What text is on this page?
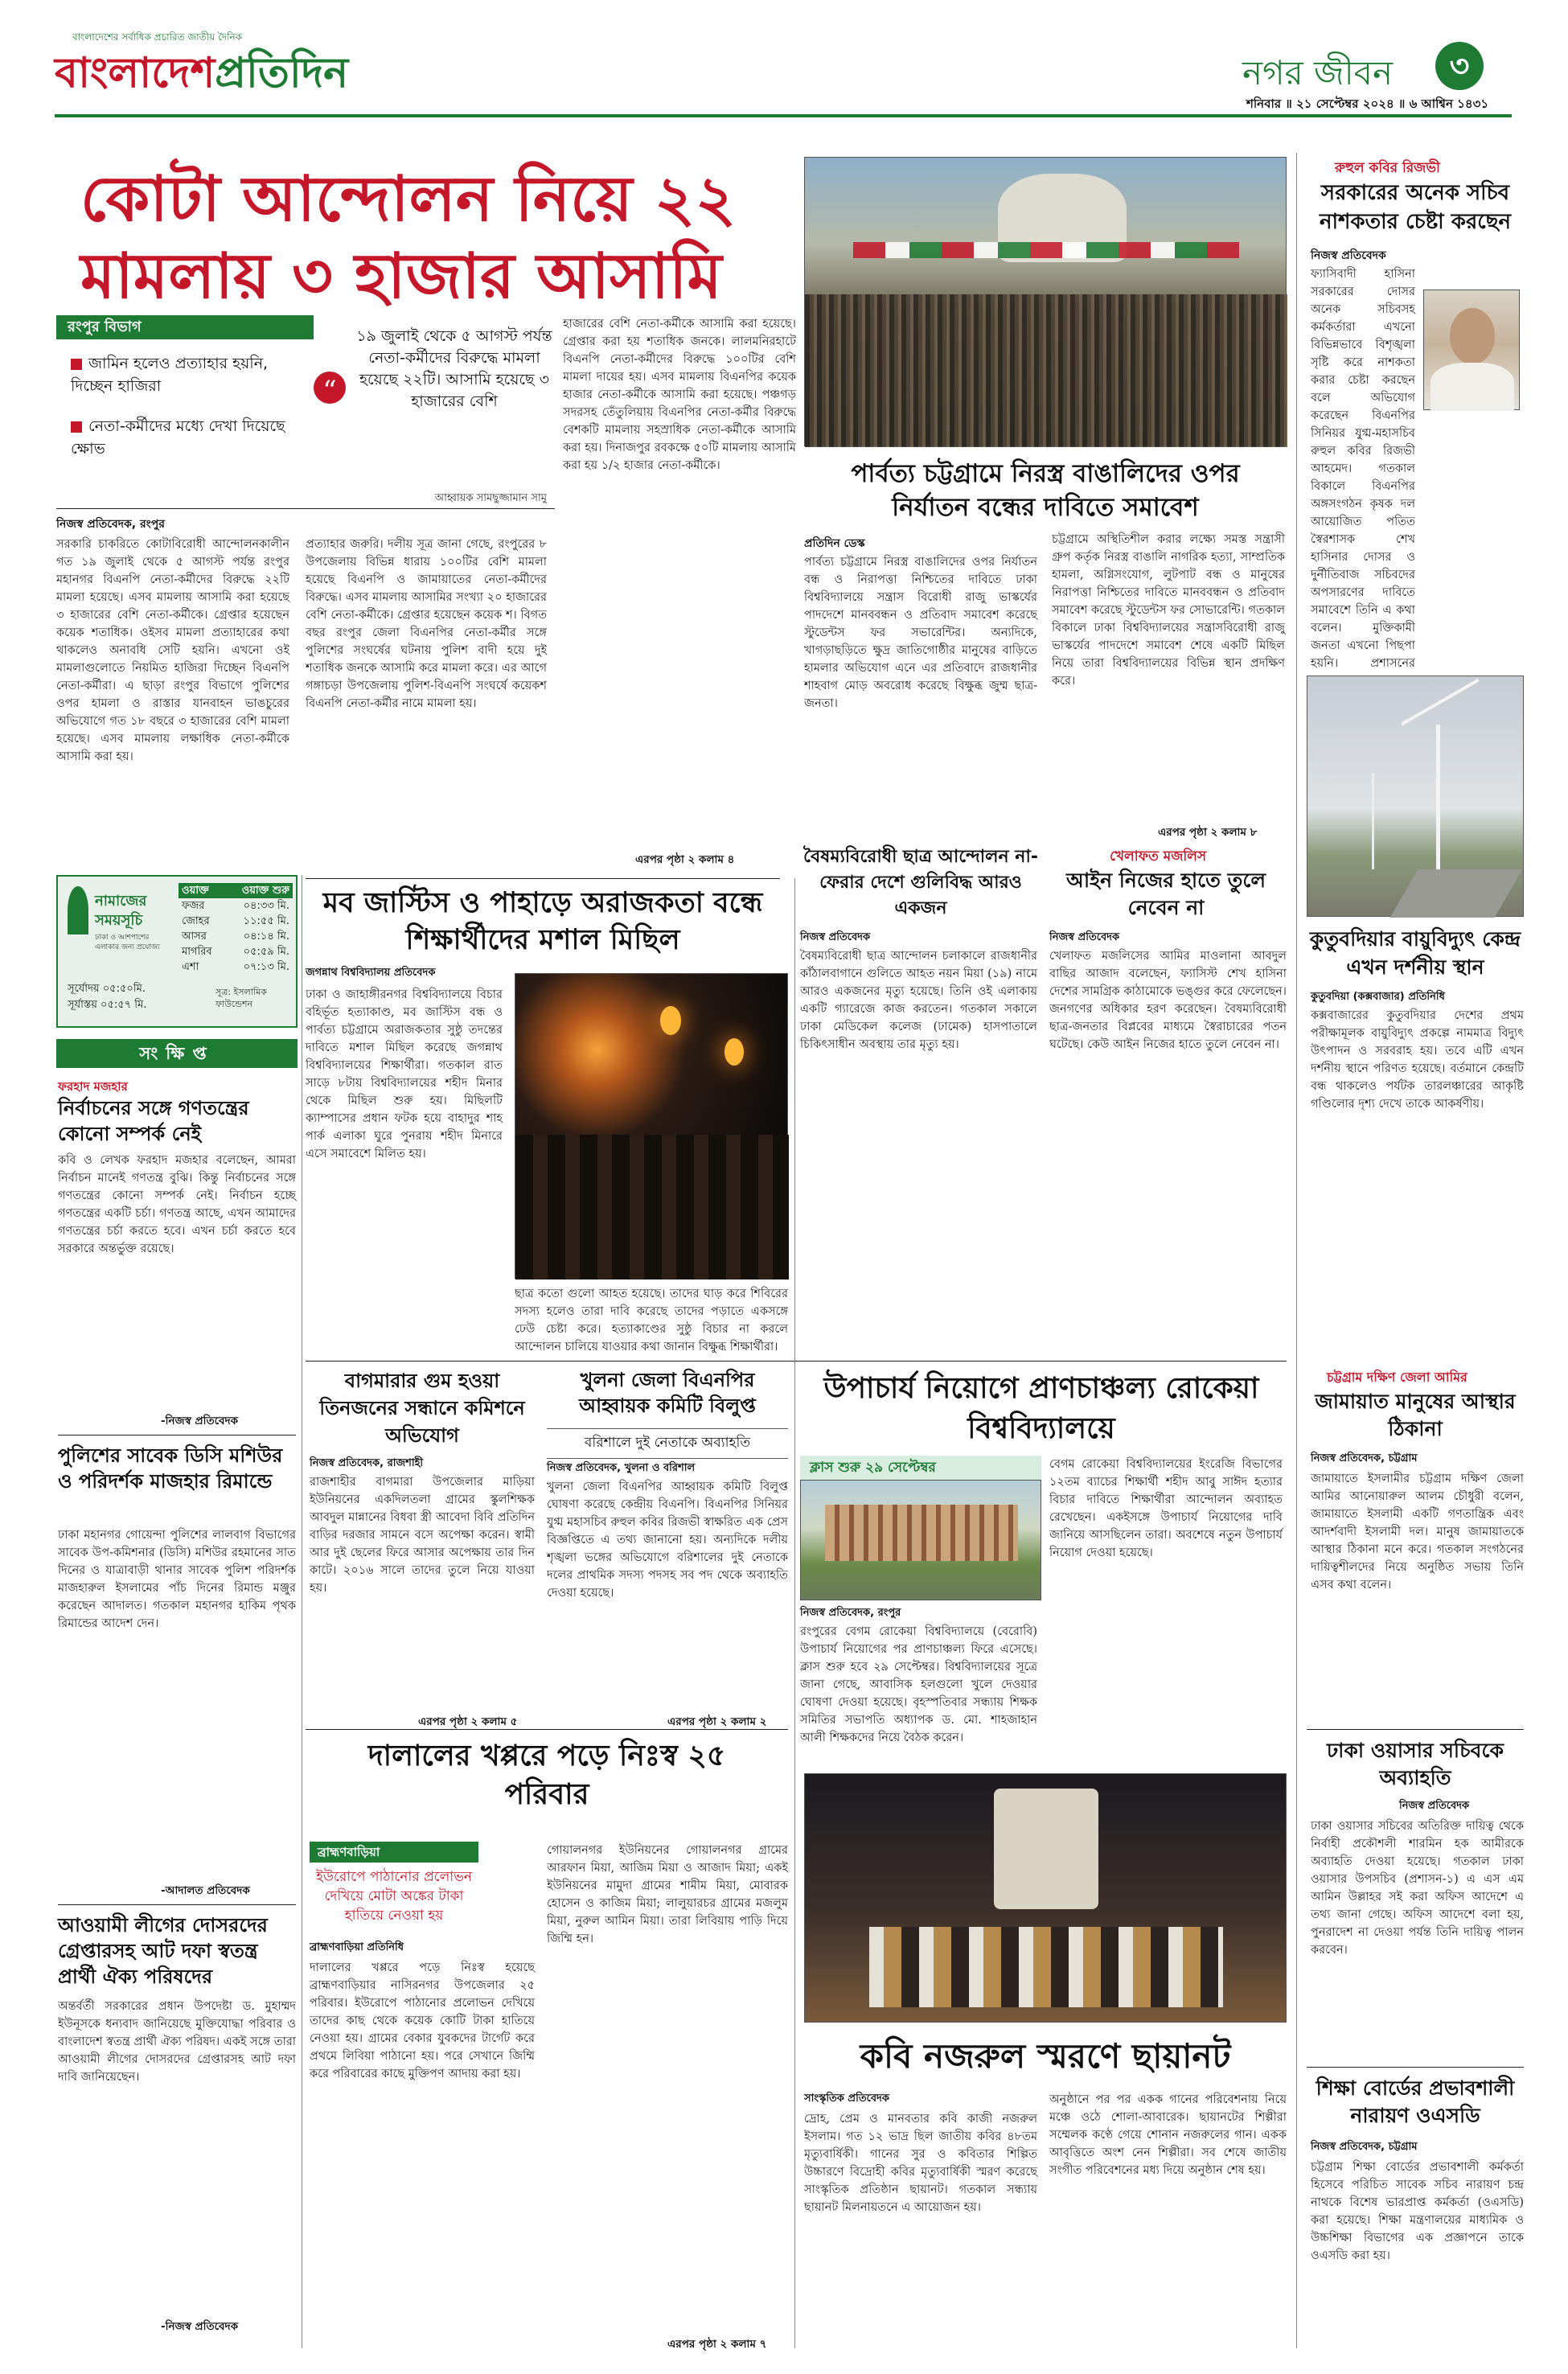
বাংলাদেশের সর্বাধিক প্রচারিত জাতীয় দৈনিক
বাংলাদেশপ্রতিদিন	নগর জীবন	৩
শনিবার ॥ ২১ সেপ্টেম্বর ২০২৪ ॥ ৬ আশ্বিন ১৪৩১
কোটা আন্দোলন নিয়ে ২২
মামলায় ৩ হাজার আসামি
রংপুর বিভাগ
জামিন হলেও প্রত্যাহার হয়নি, দিচ্ছেন হাজিরা
নেতা-কর্মীদের মধ্যে দেখা দিয়েছে ক্ষোভ
“
১৯ জুলাই থেকে ৫ আগস্ট পর্যন্ত নেতা-কর্মীদের বিরুদ্ধে মামলা হয়েছে ২২টি। আসামি হয়েছে ৩ হাজারের বেশি
আহ্বায়ক সামছুজ্জামান সামু
নিজস্ব প্রতিবেদক, রংপুর
সরকারি চাকরিতে কোটাবিরোধী আন্দোলনকালীন গত ১৯ জুলাই থেকে ৫ আগস্ট পর্যন্ত রংপুর মহানগর বিএনপি নেতা-কর্মীদের বিরুদ্ধে ২২টি মামলা হয়েছে। এসব মামলায় আসামি করা হয়েছে ৩ হাজারের বেশি নেতা-কর্মীকে। গ্রেপ্তার হয়েছেন কয়েক শতাধিক। ওইসব মামলা প্রত্যাহারের কথা থাকলেও অনাবধি সেটি হয়নি। এখনো ওই মামলাগুলোতে নিয়মিত হাজিরা দিচ্ছেন বিএনপি নেতা-কর্মীরা। এ ছাড়া রংপুর বিভাগে পুলিশের ওপর হামলা ও রাস্তার যানবাহন ভাঙচুরের অভিযোগে গত ১৮ বছরে ৩ হাজারের বেশি মামলা হয়েছে। এসব মামলায় লক্ষাধিক নেতা-কর্মীকে আসামি করা হয়।
প্রত্যাহার জরুরি। দলীয় সূত্র জানা গেছে, রংপুরের ৮ উপজেলায় বিভিন্ন ধারায় ১০০টির বেশি মামলা হয়েছে বিএনপি ও জামায়াতের নেতা-কর্মীদের বিরুদ্ধে। এসব মামলায় আসামির সংখ্যা ২০ হাজারের বেশি নেতা-কর্মীকে। গ্রেপ্তার হয়েছেন কয়েক শ। বিগত বছর রংপুর জেলা বিএনপির নেতা-কর্মীর সঙ্গে পুলিশের সংঘর্ষের ঘটনায় পুলিশ বাদী হয়ে দুই শতাধিক জনকে আসামি করে মামলা করে। এর আগে গঙ্গাচড়া উপজেলায় পুলিশ-বিএনপি সংঘর্ষে কয়েকশ বিএনপি নেতা-কর্মীর নামে মামলা হয়।
হাজারের বেশি নেতা-কর্মীকে আসামি করা হয়েছে। গ্রেপ্তার করা হয় শতাধিক জনকে। লালমনিরহাটে বিএনপি নেতা-কর্মীদের বিরুদ্ধে ১০০টির বেশি মামলা দায়ের হয়। এসব মামলায় বিএনপির কয়েক হাজার নেতা-কর্মীকে আসামি করা হয়েছে। পঞ্চগড় সদরসহ তেঁতুলিয়ায় বিএনপির নেতা-কর্মীর বিরুদ্ধে বেশকটি মামলায় সহস্রাধিক নেতা-কর্মীকে আসামি করা হয়। দিনাজপুর রবকক্ষে ৫০টি মামলায় আসামি করা হয় ১/২ হাজার নেতা-কর্মীকে।
এরপর পৃষ্ঠা ২ কলাম ৪
পার্বত্য চট্টগ্রামে নিরস্ত্র বাঙালিদের ওপর নির্যাতন বন্ধের দাবিতে সমাবেশ
প্রতিদিন ডেস্ক
পার্বত্য চট্টগ্রামে নিরস্ত্র বাঙালিদের ওপর নির্যাতন বন্ধ ও নিরাপত্তা নিশ্চিতের দাবিতে ঢাকা বিশ্ববিদ্যালয়ে সন্ত্রাস বিরোধী রাজু ভাস্কর্যের পাদদেশে মানববন্ধন ও প্রতিবাদ সমাবেশ করেছে স্টুডেন্টস ফর সভারেন্টির। অন্যদিকে, খাগড়াছড়িতে ক্ষুদ্র জাতিগোষ্ঠীর মানুষের বাড়িতে হামলার অভিযোগ এনে এর প্রতিবাদে রাজধানীর শাহবাগ মোড় অবরোধ করেছে বিক্ষুব্ধ জুম্ম ছাত্র-জনতা।
চট্টগ্রামে অস্থিতিশীল করার লক্ষ্যে সমস্ত সন্ত্রাসী গ্রুপ কর্তৃক নিরস্ত্র বাঙালি নাগরিক হত্যা, সাম্প্রতিক হামলা, অগ্নিসংযোগ, লুটপাট বন্ধ ও মানুষের নিরাপত্তা নিশ্চিতের দাবিতে মানববন্ধন ও প্রতিবাদ সমাবেশ করেছে স্টুডেন্টস ফর সোভারেন্টি। গতকাল বিকালে ঢাকা বিশ্ববিদ্যালয়ের সন্ত্রাসবিরোধী রাজু ভাস্কর্যের পাদদেশে সমাবেশ শেষে একটি মিছিল নিয়ে তারা বিশ্ববিদ্যালয়ের বিভিন্ন স্থান প্রদক্ষিণ করে।
এরপর পৃষ্ঠা ২ কলাম ৮
রুহুল কবির রিজভী
সরকারের অনেক সচিব নাশকতার চেষ্টা করছেন
নিজস্ব প্রতিবেদক
ফ্যাসিবাদী হাসিনা সরকারের দোসর অনেক সচিবসহ কর্মকর্তারা এখনো বিভিন্নভাবে বিশৃঙ্খলা সৃষ্টি করে নাশকতা করার চেষ্টা করছেন বলে অভিযোগ করেছেন বিএনপির সিনিয়র যুগ্ম-মহাসচিব রুহুল কবির রিজভী আহমেদ। গতকাল বিকালে বিএনপির অঙ্গসংগঠন কৃষক দল আয়োজিত পতিত স্বৈরশাসক শেখ হাসিনার দোসর ও দুর্নীতিবাজ সচিবদের অপসারণের দাবিতে সমাবেশে তিনি এ কথা বলেন। মুক্তিকামী জনতা এখনো পিছপা হয়নি। প্রশাসনের
কুতুবদিয়ার বায়ুবিদ্যুৎ কেন্দ্র এখন দর্শনীয় স্থান
কুতুবদিয়া (কক্সবাজার) প্রতিনিধি
কক্সবাজারের কুতুবদিয়ার দেশের প্রথম পরীক্ষামূলক বায়ুবিদ্যুৎ প্রকল্পে নামমাত্র বিদ্যুৎ উৎপাদন ও সরবরাহ হয়। তবে এটি এখন দর্শনীয় স্থানে পরিণত হয়েছে। বর্তমানে কেন্দ্রটি বন্ধ থাকলেও পর্যটক তারলঞ্চারের আকৃষ্টি গণ্ডিলোর দৃশ্য দেখে তাকে আকর্ষণীয়।
মব জাস্টিস ও পাহাড়ে অরাজকতা বন্ধে শিক্ষার্থীদের মশাল মিছিল
জগন্নাথ বিশ্ববিদ্যালয় প্রতিবেদক
ঢাকা ও জাহাঙ্গীরনগর বিশ্ববিদ্যালয়ে বিচার বহির্ভূত হত্যাকাণ্ড, মব জাস্টিস বন্ধ ও পার্বত্য চট্টগ্রামে অরাজকতার সুষ্ঠু তদন্তের দাবিতে মশাল মিছিল করেছে জগন্নাথ বিশ্ববিদ্যালয়ের শিক্ষার্থীরা। গতকাল রাত সাড়ে ৮টায় বিশ্ববিদ্যালয়ের শহীদ মিনার থেকে মিছিল শুরু হয়। মিছিলটি ক্যাম্পাসের প্রধান ফটক হয়ে বাহাদুর শাহ পার্ক এলাকা ঘুরে পুনরায় শহীদ মিনারে এসে সমাবেশে মিলিত হয়।
ছাত্র কতো গুলো আহত হয়েছে। তাদের ঘাড় করে শিবিরের সদস্য হলেও তারা দাবি করেছে তাদের পড়াতে একসঙ্গে ঢেউ চেষ্টা করে। হত্যাকাণ্ডের সুষ্ঠু বিচার না করলে আন্দোলন চালিয়ে যাওয়ার কথা জানান বিক্ষুব্ধ শিক্ষার্থীরা।
নামাজের
সময়সূচি
ঢাকা ও আশপাশের এলাকার জন্য প্রযোজ্য
ওয়াক্ত	ওয়াক্ত শুরু
ফজর	০৪:৩৩ মি.
জোহর	১১:৫৫ মি.
আসর	০৪:১৪ মি.
মাগরিব	০৫:৫৯ মি.
এশা	০৭:১৩ মি.
সূর্যোদয় ০৫:৫০মি.
সূর্যাস্তয় ০৫:৫৭ মি.
সূত্র: ইসলামিক ফাউন্ডেশন
সংক্ষিপ্ত
ফরহাদ মজহার
নির্বাচনের সঙ্গে গণতন্ত্রের কোনো সম্পর্ক নেই
কবি ও লেখক ফরহাদ মজহার বলেছেন, আমরা নির্বাচন মানেই গণতন্ত্র বুঝি। কিন্তু নির্বাচনের সঙ্গে গণতন্ত্রের কোনো সম্পর্ক নেই। নির্বাচন হচ্ছে গণতন্ত্রের একটি চর্চা। গণতন্ত্র আছে, এখন আমাদের গণতন্ত্রের চর্চা করতে হবে। এখন চর্চা করতে হবে সরকারে অন্তর্ভুক্ত রয়েছে।
-নিজস্ব প্রতিবেদক
পুলিশের সাবেক ডিসি মশিউর ও পরিদর্শক মাজহার রিমান্ডে
ঢাকা মহানগর গোয়েন্দা পুলিশের লালবাগ বিভাগের সাবেক উপ-কমিশনার (ডিসি) মশিউর রহমানের সাত দিনের ও যাত্রাবাড়ী থানার সাবেক পুলিশ পরিদর্শক মাজহারুল ইসলামের পাঁচ দিনের রিমান্ড মঞ্জুর করেছেন আদালত। গতকাল মহানগর হাকিম পৃথক রিমান্ডের আদেশ দেন।
-আদালত প্রতিবেদক
আওয়ামী লীগের দোসরদের গ্রেপ্তারসহ আট দফা স্বতন্ত্র প্রার্থী ঐক্য পরিষদের
অন্তর্বর্তী সরকারের প্রধান উপদেষ্টা ড. মুহাম্মদ ইউনূসকে ধন্যবাদ জানিয়েছে মুক্তিযোদ্ধা পরিবার ও বাংলাদেশ স্বতন্ত্র প্রার্থী ঐক্য পরিষদ। একই সঙ্গে তারা আওয়ামী লীগের দোসরদের গ্রেপ্তারসহ আট দফা দাবি জানিয়েছেন।
-নিজস্ব প্রতিবেদক
বৈষম্যবিরোধী ছাত্র আন্দোলন না-ফেরার দেশে গুলিবিদ্ধ আরও একজন
নিজস্ব প্রতিবেদক
বৈষম্যবিরোধী ছাত্র আন্দোলন চলাকালে রাজধানীর কাঁঠালবাগানে গুলিতে আহত নয়ন মিয়া (১৯) নামে আরও একজনের মৃত্যু হয়েছে। তিনি ওই এলাকায় একটি গ্যারেজে কাজ করতেন। গতকাল সকালে ঢাকা মেডিকেল কলেজ (ঢামেক) হাসপাতালে চিকিৎসাধীন অবস্থায় তার মৃত্যু হয়।
খেলাফত মজলিস
আইন নিজের হাতে তুলে নেবেন না
নিজস্ব প্রতিবেদক
খেলাফত মজলিসের আমির মাওলানা আবদুল বাছির আজাদ বলেছেন, ফ্যাসিস্ট শেখ হাসিনা দেশের সামগ্রিক কাঠামোকে ভঙ্গুর করে ফেলেছেন। জনগণের অধিকার হরণ করেছেন। বৈষম্যবিরোধী ছাত্র-জনতার বিপ্লবের মাধ্যমে স্বৈরাচারের পতন ঘটেছে। কেউ আইন নিজের হাতে তুলে নেবেন না।
বাগমারার গুম হওয়া তিনজনের সন্ধানে কমিশনে অভিযোগ
নিজস্ব প্রতিবেদক, রাজশাহী
রাজশাহীর বাগমারা উপজেলার মাড়িয়া ইউনিয়নের একদিলতলা গ্রামের স্কুলশিক্ষক আবদুল মান্নানের বিধবা স্ত্রী আবেদা বিবি প্রতিদিন বাড়ির দরজার সামনে বসে অপেক্ষা করেন। স্বামী আর দুই ছেলের ফিরে আসার অপেক্ষায় তার দিন কাটে। ২০১৬ সালে তাদের তুলে নিয়ে যাওয়া হয়।
এরপর পৃষ্ঠা ২ কলাম ৫
খুলনা জেলা বিএনপির আহ্বায়ক কমিটি বিলুপ্ত
বরিশালে দুই নেতাকে অব্যাহতি
নিজস্ব প্রতিবেদক, খুলনা ও বরিশাল
খুলনা জেলা বিএনপির আহ্বায়ক কমিটি বিলুপ্ত ঘোষণা করেছে কেন্দ্রীয় বিএনপি। বিএনপির সিনিয়র যুগ্ম মহাসচিব রুহুল কবির রিজভী স্বাক্ষরিত এক প্রেস বিজ্ঞপ্তিতে এ তথ্য জানানো হয়। অন্যদিকে দলীয় শৃঙ্খলা ভঙ্গের অভিযোগে বরিশালের দুই নেতাকে দলের প্রাথমিক সদস্য পদসহ সব পদ থেকে অব্যাহতি দেওয়া হয়েছে।
এরপর পৃষ্ঠা ২ কলাম ২
উপাচার্য নিয়োগে প্রাণচাঞ্চল্য রোকেয়া বিশ্ববিদ্যালয়ে
ক্লাস শুরু ২৯ সেপ্টেম্বর
নিজস্ব প্রতিবেদক, রংপুর
রংপুরের বেগম রোকেয়া বিশ্ববিদ্যালয়ে (বেরোবি) উপাচার্য নিয়োগের পর প্রাণচাঞ্চল্য ফিরে এসেছে। ক্লাস শুরু হবে ২৯ সেপ্টেম্বর। বিশ্ববিদ্যালয়ের সূত্রে জানা গেছে, আবাসিক হলগুলো খুলে দেওয়ার ঘোষণা দেওয়া হয়েছে। বৃহস্পতিবার সন্ধ্যায় শিক্ষক সমিতির সভাপতি অধ্যাপক ড. মো. শাহজাহান আলী শিক্ষকদের নিয়ে বৈঠক করেন।
বেগম রোকেয়া বিশ্ববিদ্যালয়ের ইংরেজি বিভাগের ১২তম ব্যাচের শিক্ষার্থী শহীদ আবু সাঈদ হত্যার বিচার দাবিতে শিক্ষার্থীরা আন্দোলন অব্যাহত রেখেছেন। একইসঙ্গে উপাচার্য নিয়োগের দাবি জানিয়ে আসছিলেন তারা। অবশেষে নতুন উপাচার্য নিয়োগ দেওয়া হয়েছে।
চট্টগ্রাম দক্ষিণ জেলা আমির
জামায়াত মানুষের আস্থার ঠিকানা
নিজস্ব প্রতিবেদক, চট্টগ্রাম
জামায়াতে ইসলামীর চট্টগ্রাম দক্ষিণ জেলা আমির আনোয়ারুল আলম চৌধুরী বলেন, জামায়াতে ইসলামী একটি গণতান্ত্রিক এবং আদর্শবাদী ইসলামী দল। মানুষ জামায়াতকে আস্থার ঠিকানা মনে করে। গতকাল সংগঠনের দায়িত্বশীলদের নিয়ে অনুষ্ঠিত সভায় তিনি এসব কথা বলেন।
ঢাকা ওয়াসার সচিবকে অব্যাহতি
নিজস্ব প্রতিবেদক
ঢাকা ওয়াসার সচিবের অতিরিক্ত দায়িত্ব থেকে নির্বাহী প্রকৌশলী শারমিন হক আমীরকে অব্যাহতি দেওয়া হয়েছে। গতকাল ঢাকা ওয়াসার উপসচিব (প্রশাসন-১) এ এস এম আমিন উল্লাহর সই করা অফিস আদেশে এ তথ্য জানা গেছে। অফিস আদেশে বলা হয়, পুনরাদেশ না দেওয়া পর্যন্ত তিনি দায়িত্ব পালন করবেন।
শিক্ষা বোর্ডের প্রভাবশালী নারায়ণ ওএসডি
নিজস্ব প্রতিবেদক, চট্টগ্রাম
চট্টগ্রাম শিক্ষা বোর্ডের প্রভাবশালী কর্মকর্তা হিসেবে পরিচিত সাবেক সচিব নারায়ণ চন্দ্র নাথকে বিশেষ ভারপ্রাপ্ত কর্মকর্তা (ওএসডি) করা হয়েছে। শিক্ষা মন্ত্রণালয়ের মাধ্যমিক ও উচ্চশিক্ষা বিভাগের এক প্রজ্ঞাপনে তাকে ওএসডি করা হয়।
দালালের খপ্পরে পড়ে নিঃস্ব ২৫ পরিবার
ব্রাহ্মণবাড়িয়া
ইউরোপে পাঠানোর প্রলোভন দেখিয়ে মোটা অঙ্কের টাকা হাতিয়ে নেওয়া হয়
ব্রাহ্মণবাড়িয়া প্রতিনিধি
দালালের খপ্পরে পড়ে নিঃস্ব হয়েছে ব্রাহ্মণবাড়িয়ার নাসিরনগর উপজেলার ২৫ পরিবার। ইউরোপে পাঠানোর প্রলোভন দেখিয়ে তাদের কাছ থেকে কয়েক কোটি টাকা হাতিয়ে নেওয়া হয়। গ্রামের বেকার যুবকদের টার্গেট করে প্রথমে লিবিয়া পাঠানো হয়। পরে সেখানে জিম্মি করে পরিবারের কাছে মুক্তিপণ আদায় করা হয়।
গোয়ালনগর ইউনিয়নের গোয়ালনগর গ্রামের আরফান মিয়া, আজিম মিয়া ও আজাদ মিয়া; একই ইউনিয়নের মামুদা গ্রামের শামীম মিয়া, মোবারক হোসেন ও কাজিম মিয়া; লালুয়ারচর গ্রামের মজলুম মিয়া, নুরুল আমিন মিয়া। তারা লিবিয়ায় পাড়ি দিয়ে জিম্মি হন।
এরপর পৃষ্ঠা ২ কলাম ৭
কবি নজরুল স্মরণে ছায়ানট
সাংস্কৃতিক প্রতিবেদক
দ্রোহ, প্রেম ও মানবতার কবি কাজী নজরুল ইসলাম। গত ১২ ভাদ্র ছিল জাতীয় কবির ৪৮তম মৃত্যুবার্ষিকী। গানের সুর ও কবিতার শিল্পিত উচ্চারণে বিদ্রোহী কবির মৃত্যুবার্ষিকী স্মরণ করেছে সাংস্কৃতিক প্রতিষ্ঠান ছায়ানট। গতকাল সন্ধ্যায় ছায়ানট মিলনায়তনে এ আয়োজন হয়।
অনুষ্ঠানে পর পর একক গানের পরিবেশনায় নিয়ে মঞ্চে ওঠে শোলা-আবারেক। ছায়ানটের শিল্পীরা সম্মেলক কণ্ঠে গেয়ে শোনান নজরুলের গান। একক আবৃত্তিতে অংশ নেন শিল্পীরা। সব শেষে জাতীয় সংগীত পরিবেশনের মধ্য দিয়ে অনুষ্ঠান শেষ হয়।
